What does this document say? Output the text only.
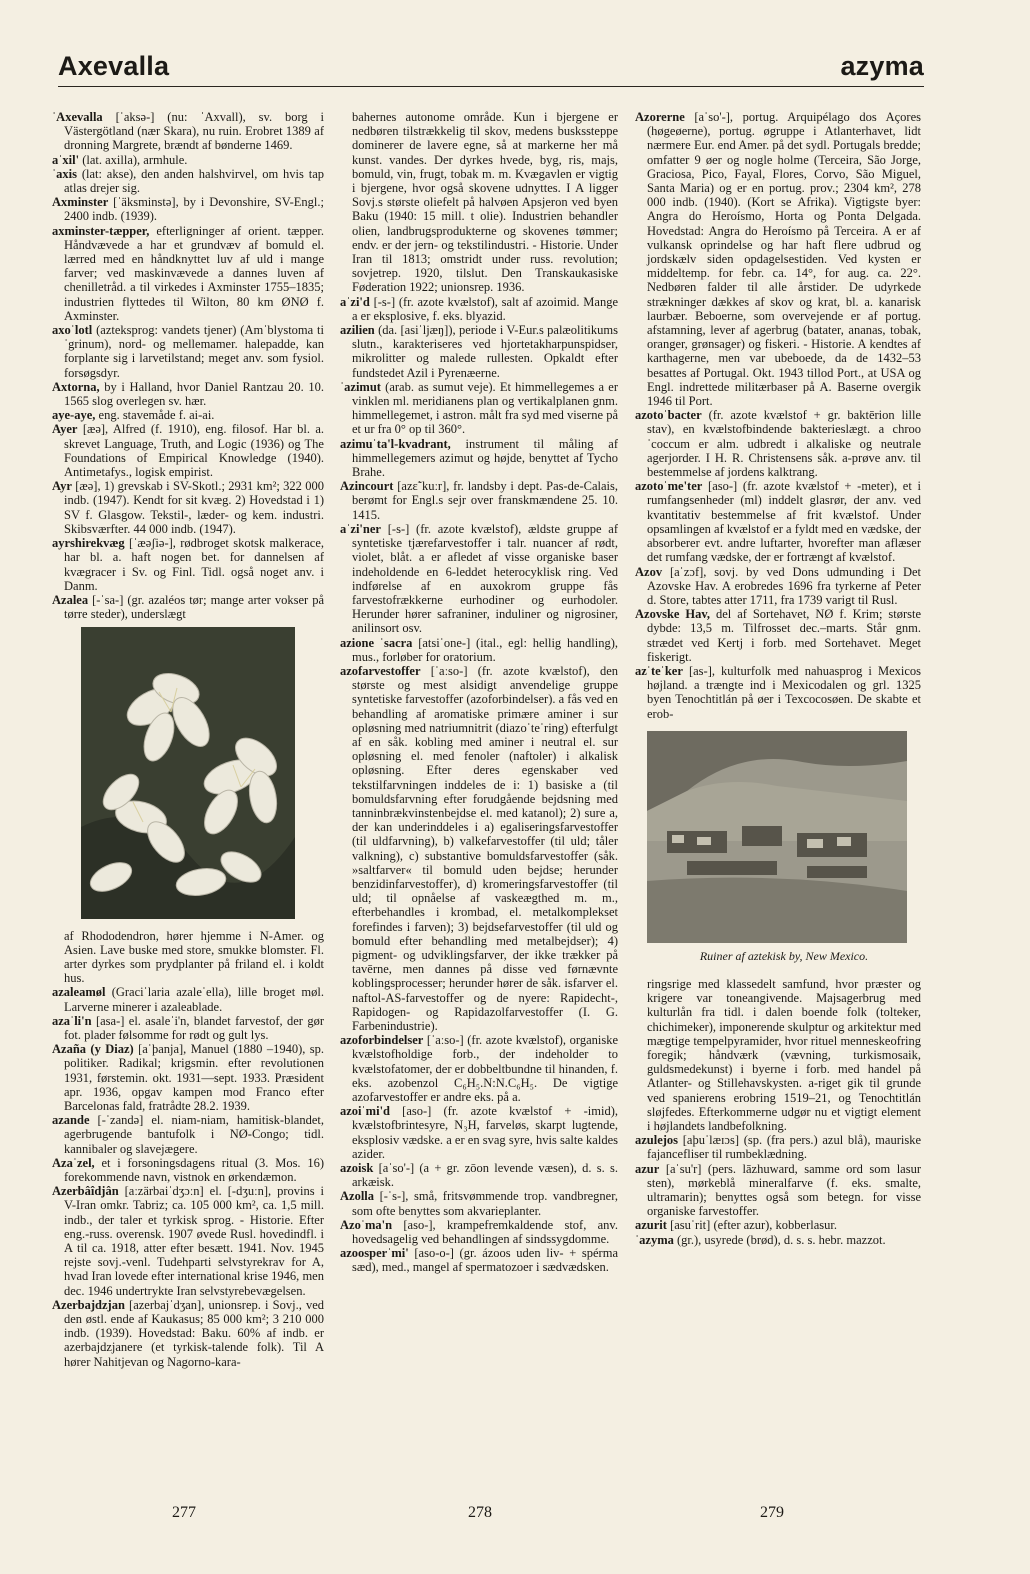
Axevalla	azyma

ˈAxevalla [ˈaksə-] (nu: ˈAxvall), sv. borg i Västergötland (nær Skara), nu ruin. Erobret 1389 af dronning Margrete, brændt af bønderne 1469.

aˈxil' (lat. axilla), armhule.

ˈaxis (lat: akse), den anden halshvirvel, om hvis tap atlas drejer sig.

Axminster [ˈäksminstə], by i Devonshire, SV-Engl.; 2400 indb. (1939).

axminster-tæpper, efterligninger af orient. tæpper. Håndvævede a har et grundvæv af bomuld el. lærred med en håndknyttet luv af uld i mange farver; ved maskinvævede a dannes luven af chenilletråd. a til virkedes i Axminster 1755–1835; industrien flyttedes til Wilton, 80 km ØNØ f. Axminster.

axoˈlotl (azteksprog: vandets tjener) (Amˈblystoma tiˈgrinum), nord- og mellemamer. halepadde, kan forplante sig i larvetilstand; meget anv. som fysiol. forsøgsdyr.

Axtorna, by i Halland, hvor Daniel Rantzau 20. 10. 1565 slog overlegen sv. hær.

aye-aye, eng. stavemåde f. ai-ai.

Ayer [æə], Alfred (f. 1910), eng. filosof. Har bl. a. skrevet Language, Truth, and Logic (1936) og The Foundations of Empirical Knowledge (1940). Antimetafys., logisk empirist.

Ayr [æə], 1) grevskab i SV-Skotl.; 2931 km²; 322 000 indb. (1947). Kendt for sit kvæg. 2) Hovedstad i 1) SV f. Glasgow. Tekstil-, læder- og kem. industri. Skibsværfter. 44 000 indb. (1947).

ayrshirekvæg [ˈæəʃiə-], rødbroget skotsk malkerace, har bl. a. haft nogen bet. for dannelsen af kvægracer i Sv. og Finl. Tidl. også noget anv. i Danm.

Azalea [-ˈsa-] (gr. azaléos tør; mange arter vokser på tørre steder), underslægt

af Rhododendron, hører hjemme i N-Amer. og Asien. Lave buske med store, smukke blomster. Fl. arter dyrkes som prydplanter på friland el. i koldt hus.

azaleamøl (Graciˈlaria azaleˈella), lille broget møl. Larverne minerer i azaleablade.

azaˈli'n [asa-] el. asaleˈi'n, blandet farvestof, der gør fot. plader følsomme for rødt og gult lys.

Azaña (y Diaz) [aˈþanja], Manuel (1880 –1940), sp. politiker. Radikal; krigsmin. efter revolutionen 1931, førstemin. okt. 1931—sept. 1933. Præsident apr. 1936, opgav kampen mod Franco efter Barcelonas fald, fratrådte 28.2. 1939.

azande [-ˈzandə] el. niam-niam, hamitisk-blandet, agerbrugende bantufolk i NØ-Congo; tidl. kannibaler og slavejægere.

Azaˈzel, et i forsoningsdagens ritual (3. Mos. 16) forekommende navn, vistnok en ørkendæmon.

Azerbâîdjân [aːzärbaiˈdʒɔːn] el. [-dʒuːn], provins i V-Iran omkr. Tabriz; ca. 105 000 km², ca. 1,5 mill. indb., der taler et tyrkisk sprog. - Historie. Efter eng.-russ. overensk. 1907 øvede Rusl. hovedindfl. i A til ca. 1918, atter efter besætt. 1941. Nov. 1945 rejste sovj.-venl. Tudehparti selvstyrekrav for A, hvad Iran lovede efter international krise 1946, men dec. 1946 undertrykte Iran selvstyrebevægelsen.

Azerbajdzjan [azerbajˈdʒan], unionsrep. i Sovj., ved den østl. ende af Kaukasus; 85 000 km²; 3 210 000 indb. (1939). Hovedstad: Baku. 60% af indb. er azerbajdzjanere (et tyrkisk-talende folk). Til A hører Nahitjevan og Nagorno-kara-

bahernes autonome område. Kun i bjergene er nedbøren tilstrækkelig til skov, medens buskssteppe dominerer de lavere egne, så at markerne her må kunst. vandes. Der dyrkes hvede, byg, ris, majs, bomuld, vin, frugt, tobak m. m. Kvægavlen er vigtig i bjergene, hvor også skovene udnyttes. I A ligger Sovj.s største oliefelt på halvøen Apsjeron ved byen Baku (1940: 15 mill. t olie). Industrien behandler olien, landbrugsprodukterne og skovenes tømmer; endv. er der jern- og tekstilindustri. - Historie. Under Iran til 1813; omstridt under russ. revolution; sovjetrep. 1920, tilslut. Den Transkaukasiske Føderation 1922; unionsrep. 1936.

aˈzi'd [-s-] (fr. azote kvælstof), salt af azoimid. Mange a er eksplosive, f. eks. blyazid.

azilien (da. [asiˈljæŋ]), periode i V-Eur.s palæolitikums slutn., karakteriseres ved hjortetakharpunspidser, mikrolitter og malede rullesten. Opkaldt efter fundstedet Azil i Pyrenæerne.

ˈazimut (arab. as sumut veje). Et himmellegemes a er vinklen ml. meridianens plan og vertikalplanen gnm. himmellegemet, i astron. målt fra syd med viserne på et ur fra 0° op til 360°.

azimuˈta'l-kvadrant, instrument til måling af himmellegemers azimut og højde, benyttet af Tycho Brahe.

Azincourt [azɛ̃ˈkuːr], fr. landsby i dept. Pas-de-Calais, berømt for Engl.s sejr over franskmændene 25. 10. 1415.

aˈzi'ner [-s-] (fr. azote kvælstof), ældste gruppe af syntetiske tjærefarvestoffer i talr. nuancer af rødt, violet, blåt. a er afledet af visse organiske baser indeholdende en 6-leddet heterocyklisk ring. Ved indførelse af en auxokrom gruppe fås farvestofrækkerne eurhodiner og eurhodoler. Herunder hører safraniner, induliner og nigrosiner, anilinsort osv.

azione ˈsacra [atsiˈone-] (ital., egl: hellig handling), mus., forløber for oratorium.

azofarvestoffer [ˈaːso-] (fr. azote kvælstof), den største og mest alsidigt anvendelige gruppe syntetiske farvestoffer (azoforbindelser). a fås ved en behandling af aromatiske primære aminer i sur opløsning med natriumnitrit (diazoˈteˈring) efterfulgt af en såk. kobling med aminer i neutral el. sur opløsning el. med fenoler (naftoler) i alkalisk opløsning. Efter deres egenskaber ved tekstilfarvningen inddeles de i: 1) basiske a (til bomuldsfarvning efter forudgående bejdsning med tanninbrækvinstenbejdse el. med katanol); 2) sure a, der kan underinddeles i a) egaliseringsfarvestoffer (til uldfarvning), b) valkefarvestoffer (til uld; tåler valkning), c) substantive bomuldsfarvestoffer (såk. »saltfarver« til bomuld uden bejdse; herunder benzidinfarvestoffer), d) kromeringsfarvestoffer (til uld; til opnåelse af vaskeægthed m. m., efterbehandles i krombad, el. metalkomplekset forefindes i farven); 3) bejdsefarvestoffer (til uld og bomuld efter behandling med metalbejdser); 4) pigment- og udviklingsfarver, der ikke trækker på tavērne, men dannes på disse ved førnævnte koblingsprocesser; herunder hører de såk. isfarver el. naftol-AS-farvestoffer og de nyere: Rapidecht-, Rapidogen- og Rapidazolfarvestoffer (I. G. Farbenindustrie).

azoforbindelser [ˈaːso-] (fr. azote kvælstof), organiske kvælstofholdige forb., der indeholder to kvælstofatomer, der er dobbeltbundne til hinanden, f. eks. azobenzol C₆H₅.N:N.C₆H₅. De vigtige azofarvestoffer er andre eks. på a.

azoiˈmi'd [aso-] (fr. azote kvælstof + -imid), kvælstofbrintesyre, N₃H, farveløs, skarpt lugtende, eksplosiv vædske. a er en svag syre, hvis salte kaldes azider.

azoisk [aˈso'-] (a + gr. zōon levende væsen), d. s. s. arkæisk.

Azolla [-ˈs-], små, fritsvømmende trop. vandbregner, som ofte benyttes som akvarieplanter.

Azoˈma'n [aso-], krampefremkaldende stof, anv. hovedsagelig ved behandlingen af sindssygdomme.

azoosperˈmi' [aso-o-] (gr. ázoos uden liv- + spérma sæd), med., mangel af spermatozoer i sædvædsken.

Azorerne [aˈso'-], portug. Arquipélago dos Açores (høgeøerne), portug. øgruppe i Atlanterhavet, lidt nærmere Eur. end Amer. på det sydl. Portugals bredde; omfatter 9 øer og nogle holme (Terceira, São Jorge, Graciosa, Pico, Fayal, Flores, Corvo, São Miguel, Santa Maria) og er en portug. prov.; 2304 km², 278 000 indb. (1940). (Kort se Afrika). Vigtigste byer: Angra do Heroísmo, Horta og Ponta Delgada. Hovedstad: Angra do Heroísmo på Terceira. A er af vulkansk oprindelse og har haft flere udbrud og jordskælv siden opdagelsestiden. Ved kysten er middeltemp. for febr. ca. 14°, for aug. ca. 22°. Nedbøren falder til alle årstider. De udyrkede strækninger dækkes af skov og krat, bl. a. kanarisk laurbær. Beboerne, som overvejende er af portug. afstamning, lever af agerbrug (batater, ananas, tobak, oranger, grønsager) og fiskeri. - Historie. A kendtes af karthagerne, men var ubeboede, da de 1432–53 besattes af Portugal. Okt. 1943 tillod Port., at USA og Engl. indrettede militærbaser på A. Baserne overgik 1946 til Port.

azotoˈbacter (fr. azote kvælstof + gr. baktērion lille stav), en kvælstofbindende bakterieslægt. a chrooˈcoccum er alm. udbredt i alkaliske og neutrale agerjorder. I H. R. Christensens såk. a-prøve anv. til bestemmelse af jordens kalktrang.

azotoˈme'ter [aso-] (fr. azote kvælstof + -meter), et i rumfangsenheder (ml) inddelt glasrør, der anv. ved kvantitativ bestemmelse af frit kvælstof. Under opsamlingen af kvælstof er a fyldt med en vædske, der absorberer evt. andre luftarter, hvorefter man aflæser det rumfang vædske, der er fortrængt af kvælstof.

Azov [aˈzɔf], sovj. by ved Dons udmunding i Det Azovske Hav. A erobredes 1696 fra tyrkerne af Peter d. Store, tabtes atter 1711, fra 1739 varigt til Rusl.

Azovske Hav, del af Sortehavet, NØ f. Krim; største dybde: 13,5 m. Tilfrosset dec.–marts. Står gnm. strædet ved Kertj i forb. med Sortehavet. Meget fiskerigt.

azˈteˈker [as-], kulturfolk med nahuasprog i Mexicos højland. a trængte ind i Mexicodalen og grl. 1325 byen Tenochtitlán på øer i Texcocosøen. De skabte et erob-

Ruiner af aztekisk by, New Mexico.

ringsrige med klassedelt samfund, hvor præster og krigere var toneangivende. Majsagerbrug med kulturlån fra tidl. i dalen boende folk (tolteker, chichimeker), imponerende skulptur og arkitektur med mægtige tempelpyramider, hvor rituel menneskeofring foregik; håndværk (vævning, turkismosaik, guldsmedekunst) i byerne i forb. med handel på Atlanter- og Stillehavskysten. a-riget gik til grunde ved spanierens erobring 1519–21, og Tenochtitlán sløjfedes. Efterkommerne udgør nu et vigtigt element i højlandets landbefolkning.

azulejos [aþuˈlæɪɔs] (sp. (fra pers.) azul blå), mauriske fajancefliser til rumbeklædning.

azur [aˈsu'r] (pers. lāzhuward, samme ord som lasur sten), mørkeblå mineralfarve (f. eks. smalte, ultramarin); benyttes også som betegn. for visse organiske farvestoffer.

azurit [asuˈrit] (efter azur), kobberlasur.

ˈazyma (gr.), usyrede (brød), d. s. s. hebr. mazzot.

277	278	279
